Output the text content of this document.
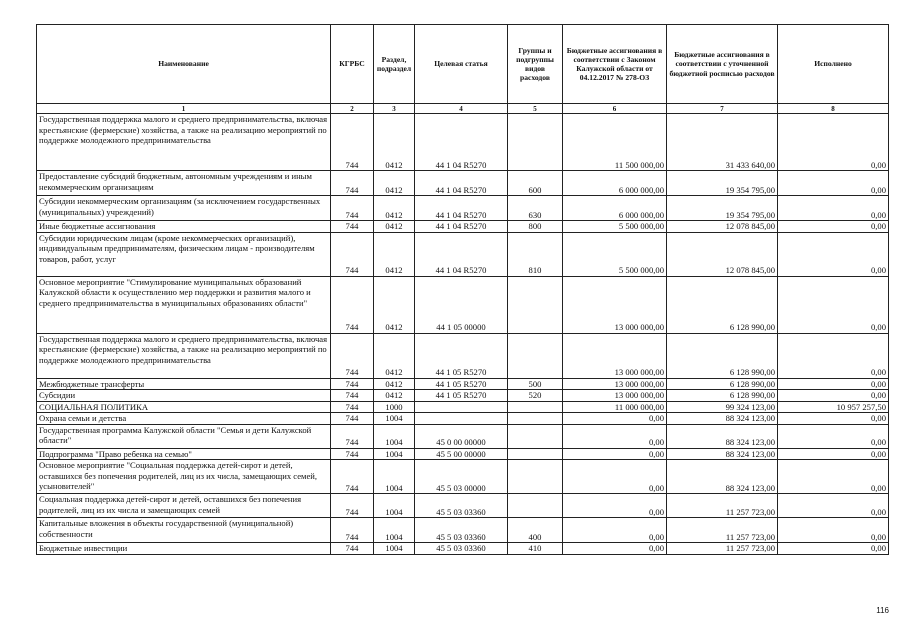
Наименование	КГРБС	Раздел, подраздел	Целевая статья	Группы и подгруппы видов расходов	Бюджетные ассигнования в соответствии с Законом Калужской области от 04.12.2017 № 278-ОЗ	Бюджетные ассигнования в соответствии с уточненной бюджетной росписью расходов	Исполнено
1	2	3	4	5	6	7	8
Государственная поддержка малого и среднего предпринимательства, включая крестьянские (фермерские) хозяйства, а также на реализацию мероприятий по поддержке молодежного предпринимательства	744	0412	44 1 04 R5270		11 500 000,00	31 433 640,00	0,00
Предоставление субсидий бюджетным, автономным учреждениям и иным некоммерческим организациям	744	0412	44 1 04 R5270	600	6 000 000,00	19 354 795,00	0,00
Субсидии некоммерческим организациям (за исключением государственных (муниципальных) учреждений)	744	0412	44 1 04 R5270	630	6 000 000,00	19 354 795,00	0,00
Иные бюджетные ассигнования	744	0412	44 1 04 R5270	800	5 500 000,00	12 078 845,00	0,00
Субсидии юридическим лицам (кроме некоммерческих организаций), индивидуальным предпринимателям, физическим лицам - производителям товаров, работ, услуг	744	0412	44 1 04 R5270	810	5 500 000,00	12 078 845,00	0,00
Основное мероприятие "Стимулирование муниципальных образований Калужской области к осуществлению мер поддержки и развития малого и среднего предпринимательства в муниципальных образованиях области"	744	0412	44 1 05 00000		13 000 000,00	6 128 990,00	0,00
Государственная поддержка малого и среднего предпринимательства, включая крестьянские (фермерские) хозяйства, а также на реализацию мероприятий по поддержке молодежного предпринимательства	744	0412	44 1 05 R5270		13 000 000,00	6 128 990,00	0,00
Межбюджетные трансферты	744	0412	44 1 05 R5270	500	13 000 000,00	6 128 990,00	0,00
Субсидии	744	0412	44 1 05 R5270	520	13 000 000,00	6 128 990,00	0,00
СОЦИАЛЬНАЯ ПОЛИТИКА	744	1000			11 000 000,00	99 324 123,00	10 957 257,50
Охрана семьи и детства	744	1004			0,00	88 324 123,00	0,00
Государственная программа Калужской области "Семья и дети Калужской области"	744	1004	45 0 00 00000		0,00	88 324 123,00	0,00
Подпрограмма "Право ребенка на семью"	744	1004	45 5 00 00000		0,00	88 324 123,00	0,00
Основное мероприятие "Социальная поддержка детей-сирот и детей, оставшихся без попечения родителей, лиц из их числа, замещающих семей, усыновителей"	744	1004	45 5 03 00000		0,00	88 324 123,00	0,00
Социальная поддержка детей-сирот и детей, оставшихся без попечения родителей, лиц из их числа и замещающих семей	744	1004	45 5 03 03360		0,00	11 257 723,00	0,00
Капитальные вложения в объекты государственной (муниципальной) собственности	744	1004	45 5 03 03360	400	0,00	11 257 723,00	0,00
Бюджетные инвестиции	744	1004	45 5 03 03360	410	0,00	11 257 723,00	0,00
116
